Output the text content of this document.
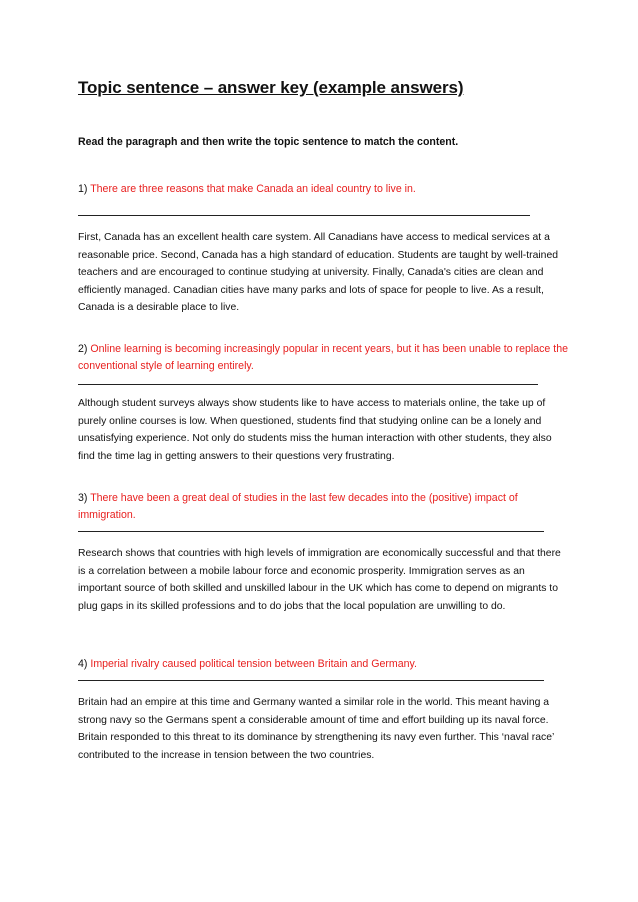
Topic sentence – answer key (example answers)
Read the paragraph and then write the topic sentence to match the content.
1) There are three reasons that make Canada an ideal country to live in.

First, Canada has an excellent health care system. All Canadians have access to medical services at a reasonable price. Second, Canada has a high standard of education. Students are taught by well-trained teachers and are encouraged to continue studying at university. Finally, Canada's cities are clean and efficiently managed. Canadian cities have many parks and lots of space for people to live. As a result, Canada is a desirable place to live.

2) Online learning is becoming increasingly popular in recent years, but it has been unable to replace the conventional style of learning entirely.

Although student surveys always show students like to have access to materials online, the take up of purely online courses is low. When questioned, students find that studying online can be a lonely and unsatisfying experience. Not only do students miss the human interaction with other students, they also find the time lag in getting answers to their questions very frustrating.

3) There have been a great deal of studies in the last few decades into the (positive) impact of immigration.

Research shows that countries with high levels of immigration are economically successful and that there is a correlation between a mobile labour force and economic prosperity. Immigration serves as an important source of both skilled and unskilled labour in the UK which has come to depend on migrants to plug gaps in its skilled professions and to do jobs that the local population are unwilling to do.

4) Imperial rivalry caused political tension between Britain and Germany.

Britain had an empire at this time and Germany wanted a similar role in the world. This meant having a strong navy so the Germans spent a considerable amount of time and effort building up its naval force. Britain responded to this threat to its dominance by strengthening its navy even further. This ‘naval race’ contributed to the increase in tension between the two countries.
